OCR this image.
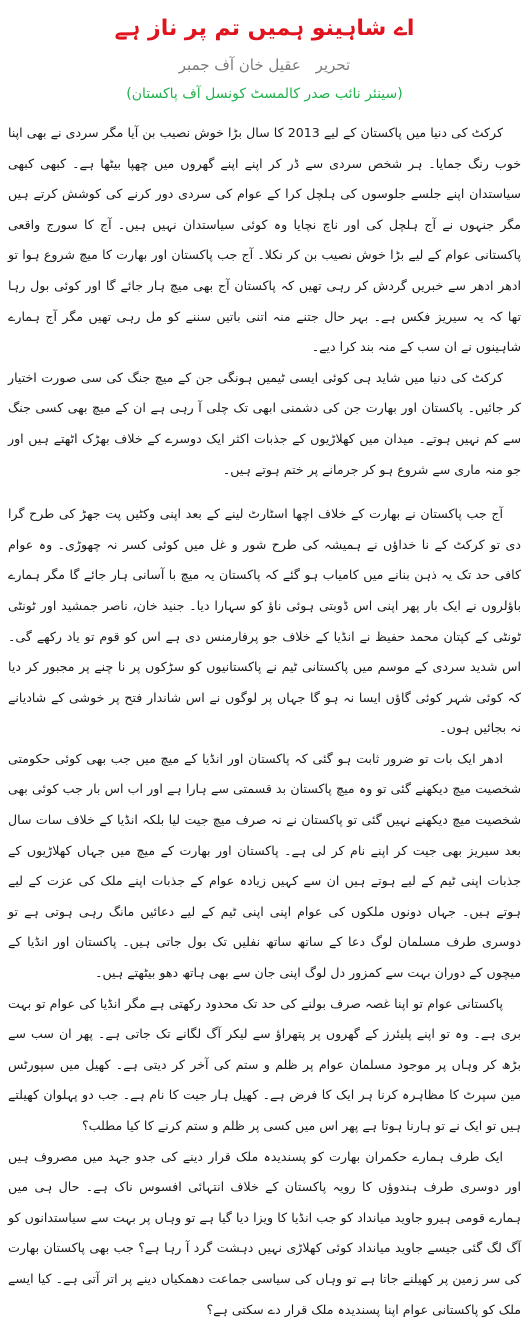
اے شاہینو ہمیں تم پر ناز ہے
تحریر عقیل خان آف جمبر
(سینئر نائب صدر کالمسٹ کونسل آف پاکستان)

کرکٹ کی دنیا میں پاکستان کے لیے 2013 کا سال بڑا خوش نصیب بن آیا مگر سردی نے بھی اپنا خوب رنگ جمایا۔ ہر شخص سردی سے ڈر کر اپنے اپنے گھروں میں چھپا بیٹھا ہے۔ کبھی کبھی سیاستدان اپنے جلسے جلوسوں کی ہلچل کرا کے عوام کی سردی دور کرنے کی کوشش کرتے ہیں مگر جنہوں نے آج ہلچل کی اور ناچ نچایا وہ کوئی سیاستدان نہیں ہیں۔ آج کا سورج واقعی پاکستانی عوام کے لیے بڑا خوش نصیب بن کر نکلا۔ آج جب پاکستان اور بھارت کا میچ شروع ہوا تو ادھر ادھر سے خبریں گردش کر رہی تھیں کہ پاکستان آج بھی میچ ہار جائے گا اور کوئی بول رہا تھا کہ یہ سیریز فکس ہے۔ بہر حال جتنے منہ اتنی باتیں سننے کو مل رہی تھیں مگر آج ہمارے شاہینوں نے ان سب کے منہ بند کرا دیے۔

کرکٹ کی دنیا میں شاید ہی کوئی ایسی ٹیمیں ہونگی جن کے میچ جنگ کی سی صورت اختیار کر جائیں۔ پاکستان اور بھارت جن کی دشمنی ابھی تک چلی آ رہی ہے ان کے میچ بھی کسی جنگ سے کم نہیں ہوتے۔ میدان میں کھلاڑیوں کے جذبات اکثر ایک دوسرے کے خلاف بھڑک اٹھتے ہیں اور جو منہ ماری سے شروع ہو کر جرمانے پر ختم ہوتے ہیں۔

آج جب پاکستان نے بھارت کے خلاف اچھا اسٹارٹ لینے کے بعد اپنی وکٹیں پت جھڑ کی طرح گرا دی تو کرکٹ کے نا خداؤں نے ہمیشہ کی طرح شور و غل میں کوئی کسر نہ چھوڑی۔ وہ عوام کافی حد تک یہ ذہن بنانے میں کامیاب ہو گئے کہ پاکستان یہ میچ با آسانی ہار جائے گا مگر ہمارے باؤلروں نے ایک بار پھر اپنی اس ڈوبتی ہوئی ناؤ کو سہارا دیا۔ جنید خان، ناصر جمشید اور ٹونٹی ٹونٹی کے کپتان محمد حفیظ نے انڈیا کے خلاف جو پرفارمنس دی ہے اس کو قوم تو یاد رکھے گی۔ اس شدید سردی کے موسم میں پاکستانی ٹیم نے پاکستانیوں کو سڑکوں پر نا چنے پر مجبور کر دیا کہ کوئی شہر کوئی گاؤں ایسا نہ ہو گا جہاں پر لوگوں نے اس شاندار فتح پر خوشی کے شادیانے نہ بجائیں ہوں۔

ادھر ایک بات تو ضرور ثابت ہو گئی کہ پاکستان اور انڈیا کے میچ میں جب بھی کوئی حکومتی شخصیت میچ دیکھنے گئی تو وہ میچ پاکستان بد قسمتی سے ہارا ہے اور اب اس بار جب کوئی بھی شخصیت میچ دیکھنے نہیں گئی تو پاکستان نے نہ صرف میچ جیت لیا بلکہ انڈیا کے خلاف سات سال بعد سیریز بھی جیت کر اپنے نام کر لی ہے۔ پاکستان اور بھارت کے میچ میں جہاں کھلاڑیوں کے جذبات اپنی ٹیم کے لیے ہوتے ہیں ان سے کہیں زیادہ عوام کے جذبات اپنے ملک کی عزت کے لیے ہوتے ہیں۔ جہاں دونوں ملکوں کی عوام اپنی اپنی ٹیم کے لیے دعائیں مانگ رہی ہوتی ہے تو دوسری طرف مسلمان لوگ دعا کے ساتھ ساتھ نفلیں تک بول جاتی ہیں۔ پاکستان اور انڈیا کے میچوں کے دوران بہت سے کمزور دل لوگ اپنی جان سے بھی ہاتھ دھو بیٹھتے ہیں۔

پاکستانی عوام تو اپنا غصہ صرف بولنے کی حد تک محدود رکھتی ہے مگر انڈیا کی عوام تو بہت بری ہے۔ وہ تو اپنے پلیئرز کے گھروں پر پتھراؤ سے لیکر آگ لگانے تک جاتی ہے۔ پھر ان سب سے بڑھ کر وہاں پر موجود مسلمان عوام پر ظلم و ستم کی آخر کر دیتی ہے۔ کھیل میں سپورٹس مین سپرٹ کا مظاہرہ کرنا ہر ایک کا فرض ہے۔ کھیل ہار جیت کا نام ہے۔ جب دو پہلوان کھیلتے ہیں تو ایک نے تو ہارنا ہوتا ہے پھر اس میں کسی پر ظلم و ستم کرنے کا کیا مطلب؟

ایک طرف ہمارے حکمران بھارت کو پسندیدہ ملک قرار دینے کی جدو جہد میں مصروف ہیں اور دوسری طرف ہندوؤں کا رویہ پاکستان کے خلاف انتہائی افسوس ناک ہے۔ حال ہی میں ہمارے قومی ہیرو جاوید میانداد کو جب انڈیا کا ویزا دیا گیا ہے تو وہاں پر بہت سے سیاستدانوں کو آگ لگ گئی جیسے جاوید میانداد کوئی کھلاڑی نہیں دہشت گرد آ رہا ہے؟ جب بھی پاکستان بھارت کی سر زمین پر کھیلنے جاتا ہے تو وہاں کی سیاسی جماعت دھمکیاں دینے پر اتر آتی ہے۔ کیا ایسے ملک کو پاکستانی عوام اپنا پسندیدہ ملک قرار دے سکتی ہے؟
